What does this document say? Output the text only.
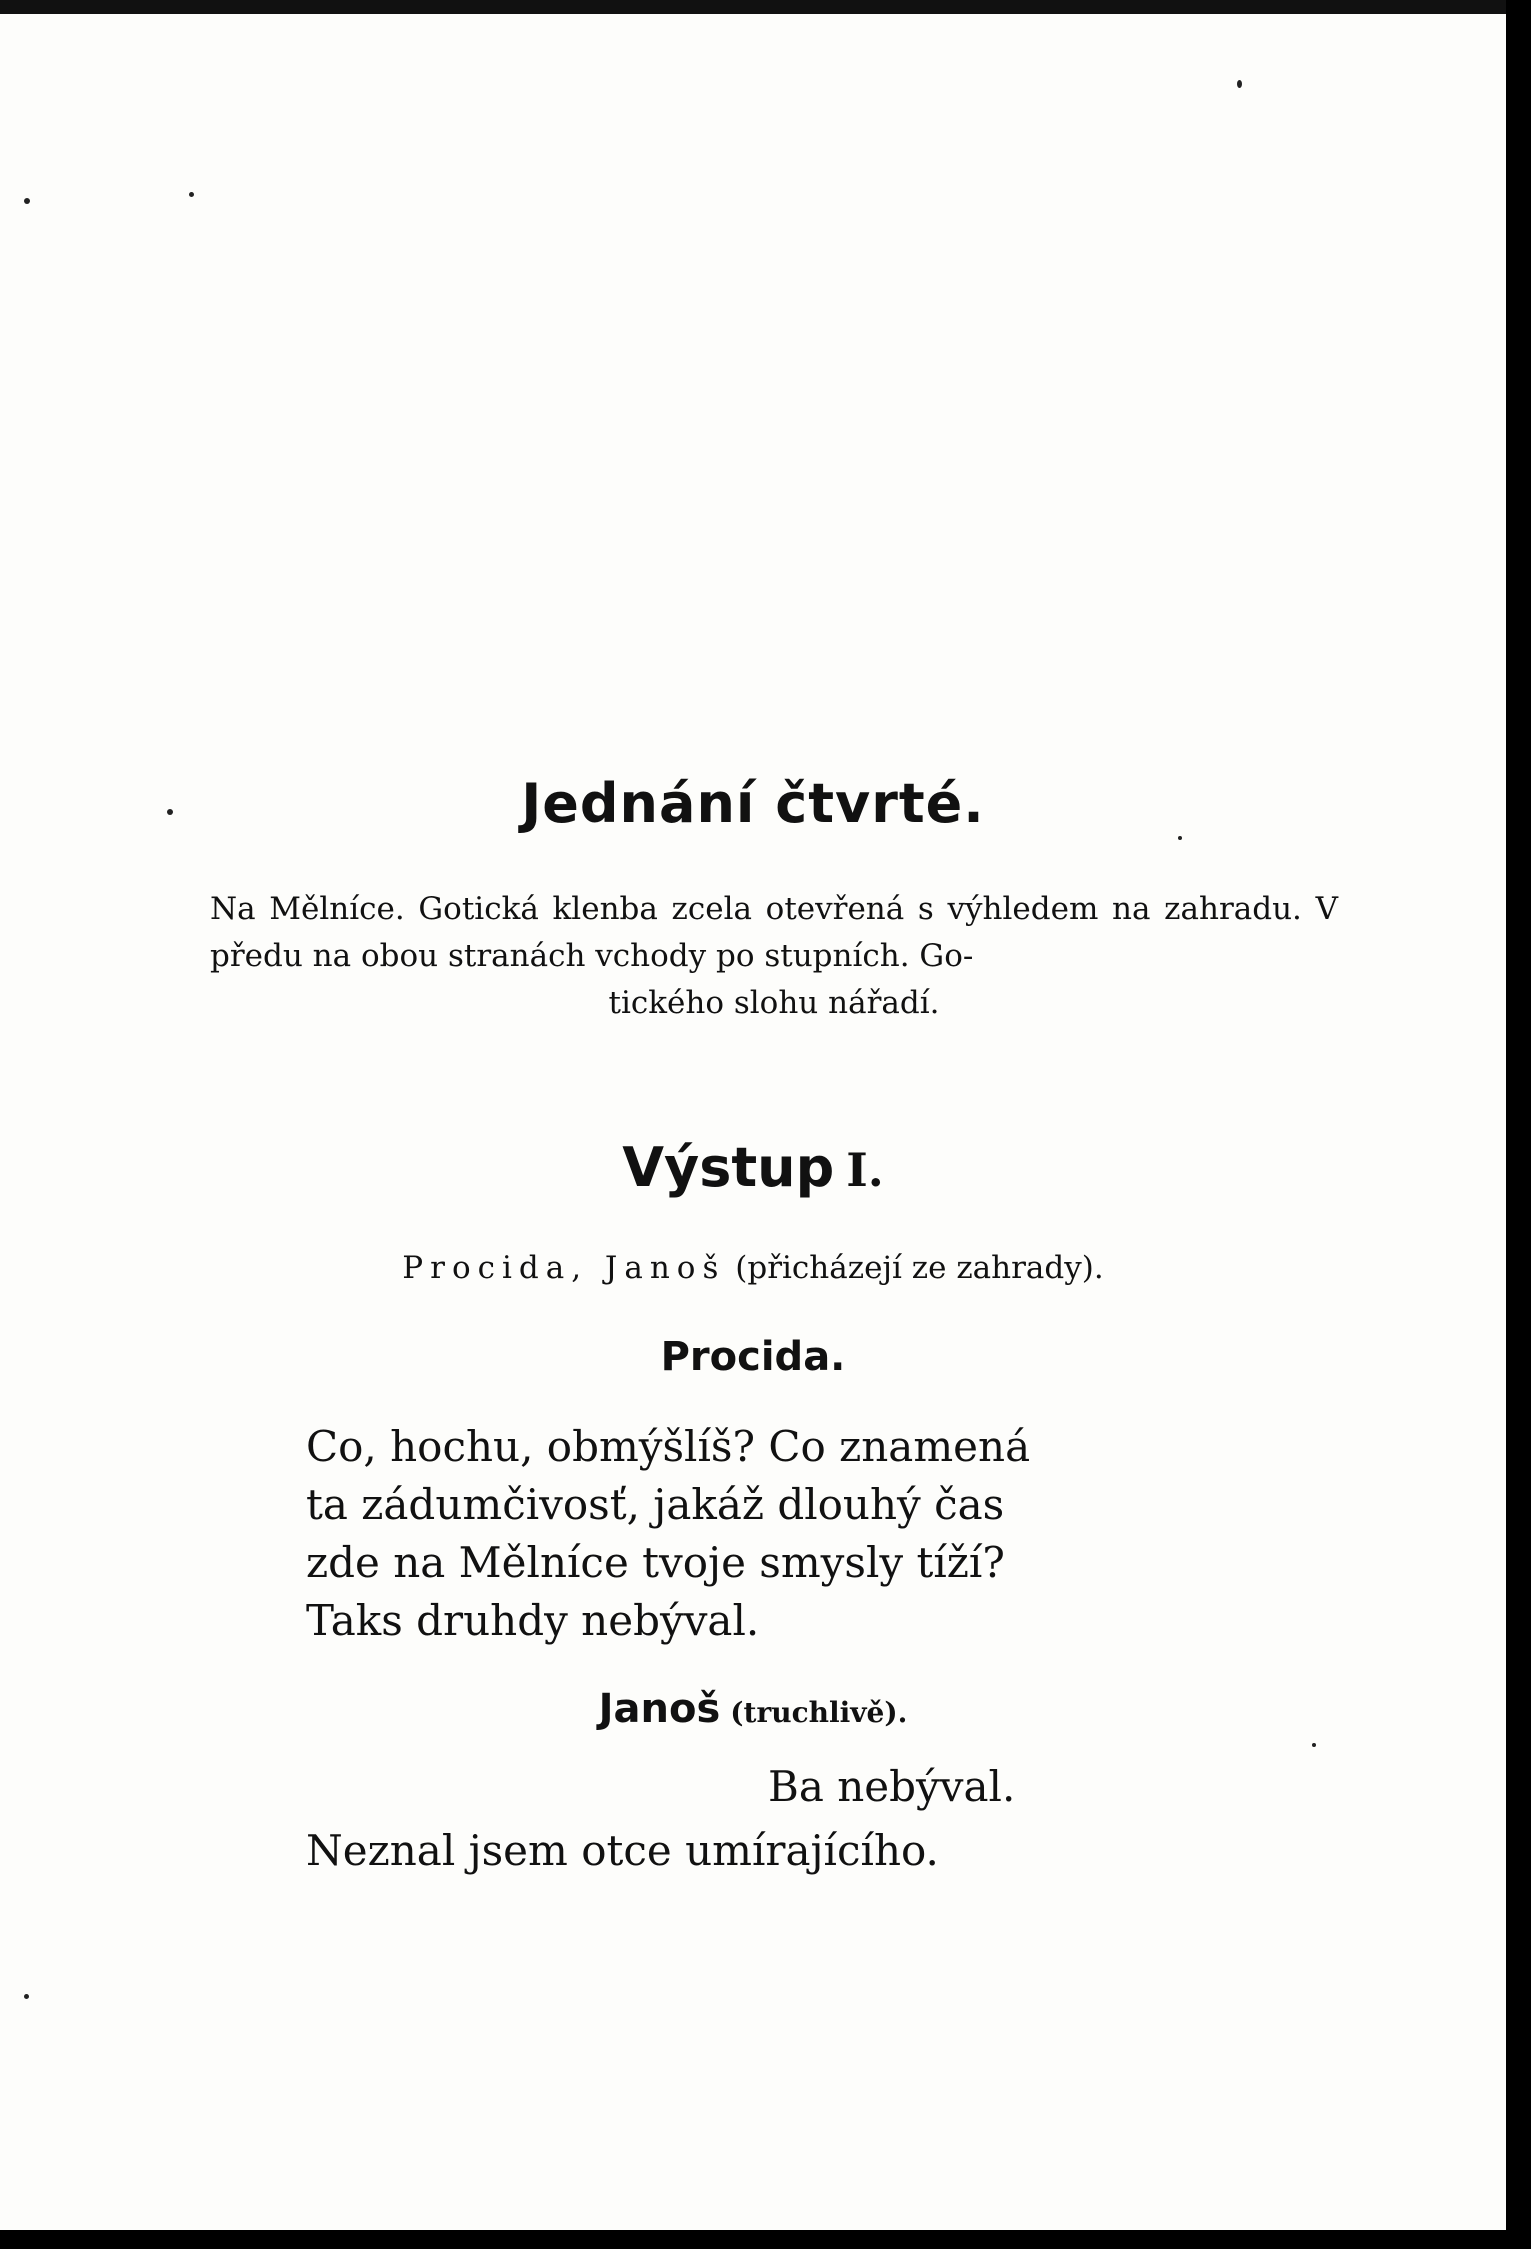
Jednání čtvrté.
Na Mělníce. Gotická klenba zcela otevřená s výhledem na zahradu. V předu na obou stranách vchody po stupních. Go-
tického slohu nářadí.
Výstup I.
Procida, Janoš (přicházejí ze zahrady).
Procida.
Co, hochu, obmýšlíš? Co znamená
ta zádumčivosť, jakáž dlouhý čas
zde na Mělníce tvoje smysly tíží?
Taks druhdy nebýval.
Janoš (truchlivě).
Ba nebýval.
Neznal jsem otce umírajícího.
